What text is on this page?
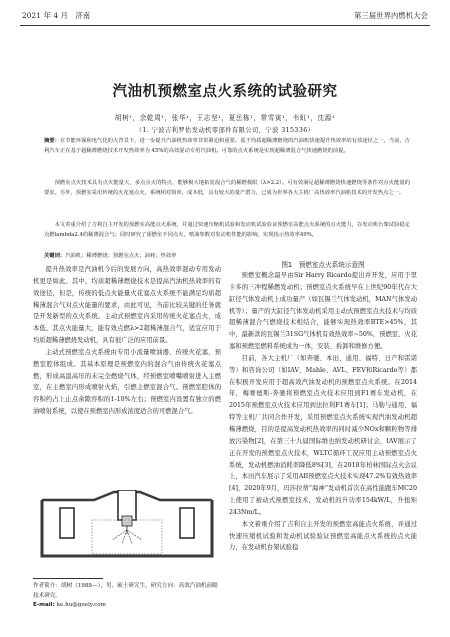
2021 年 4 月　济南	第三届世界内燃机大会
汽油机预燃室点火系统的试验研究
胡树¹，余乾周¹，张华¹，王志坚¹，夏岳栋¹，常雪寅¹，韦虹¹，沈源¹
（1. 宁波吉利罗佑发动机零部件有限公司，宁波 315336）
摘要：在节能环保和电气化的大背景下，进一步提升汽油机热效率非常紧迫和重要。基于均质超稀薄燃烧的汽油机快速提升热效率的有效途径之一，当前，吉利汽车正在基于超稀薄燃烧技术开发热效率为 45%的高效混动专用汽油机。可靠的点火系统是实现超稀薄混合气快速燃烧的前提。
预燃室点火技术具有点火能量大，多点点火的特点，能够极大地拓宽混合气的稀燃极限（λ>2.2）。可有效满足超稀薄燃烧快速燃烧等条件对点火能量的要求。另外，预燃室采用传统的火花塞点火，系统相对简单，成本低，具有较大的量产潜力，已成为世界各大主机厂高热效率汽油机技术的开发热点之一。
本文着重介绍了吉利自主开发的预燃室高能点火系统，并通过快速压缩机试验和发动机试验验证预燃室高能点火系统的点火能力，在发动机台架试验稳定点燃lambda2.4的稀薄混合气；同时研究了预燃室不同点火，喷油参数对发动机性能的影响，实现指示热效率49%。
关键词：汽油机；稀薄燃烧；预燃室点火；油耗；热效率

提升热效率是汽油机今后的发展方向，高热效率混动专用发动机更是如此。其中，均质超稀薄燃烧技术是提高汽油机热效率的有效途径，但是，传统的低点火能量火花塞点火系统不能满足均质超稀薄混合气对点火能量的要求，由此可见，当前比较关键的任务就是开发新型的点火系统。主动式预燃室内采用传统火花塞点火，成本低，其点火能量大，能有效点燃λ>2超稀薄混合气，适宜应用于均质超稀薄燃烧发动机，具有很广泛的应用前景。

主动式预燃室点火系统由专用小流量喷油器、传统火花塞、预燃室腔体组成。其基本原理是预燃室内的混合气由传统火花塞点燃，形成高温高压的未完全燃烧气体，经预燃室喷嘴喷射进入主燃室，在主燃室内形成喷射火焰，引燃主燃室混合气。预燃室腔体的容积约占上止点余隙容积的1-10%左右；预燃室内设置有独立的燃油喷射系统，以使在预燃室内形成浓度适合的可燃混合气。

图1　预燃室点火系统示意图

预燃室概念最早由Sir Harry Ricardo提出并开发，应用于里卡多的三冲程稀燃发动机；预燃室点火系统早在上世纪90年代在大缸径气体发动机上成功量产（如瓦锡兰气体发动机，MAN气体发动机等）；量产的大缸径气体发动机采用主动式预燃室点火技术与均质超稀薄混合气燃烧技术相结合，能够实现热效率BTE>45%，其中，最新款的瓦锡兰31SG气体机有效热效率~50%，预燃室、火花塞和预燃室燃料系统成为一体，安装、拆卸和维修方便。

目前，各大主机厂（如奔驰、本田、通用、福特、日产和雷诺等）和咨询公司（如IAV、Mahle、AVL、FEV和Ricardo等）都在积极开发应用于超高效汽油发动机的预燃室点火系统。在2014年，梅赛德斯-奔驰将预燃室点火技术应用到F1赛车发动机，在2015年预燃室点火技术应用到法拉利F1赛车[1]；马勒与通用、福特等主机厂共同合作开发，采用预燃室点火系统实现汽油发动机超稀薄燃烧，目的是提高发动机热效率的同时减少NOx和颗粒物等排放污染物[2]，在第三十九届国际维也纳发动机研讨会，IAV展示了正在开发的预燃室点火技术，WLTC循环工况应用主动预燃室点火系统，发动机燃油消耗率降低8%[3]，在2018年柏林国际点火会议上，本田汽车展示了采用AII预燃室点火技术实现47.2%有效热效率[4]，2020年9月，玛莎拉蒂“海神”发动机首次在高性能跑车MC20上使用了被动式预燃室技术，发动机的升功率154kW/L，升扭矩243Nm/L。

本文着重介绍了吉利自主开发的预燃室高能点火系统，并通过快速压缩机试验和发动机试验验证预燃室高能点火系统的点火能力，在发动机台架试验稳

作者简介：胡树（1988—），男，硕士研究生，研究方向：高效汽油机前瞻技术研究。
E-mail: ke.hu@geely.com
